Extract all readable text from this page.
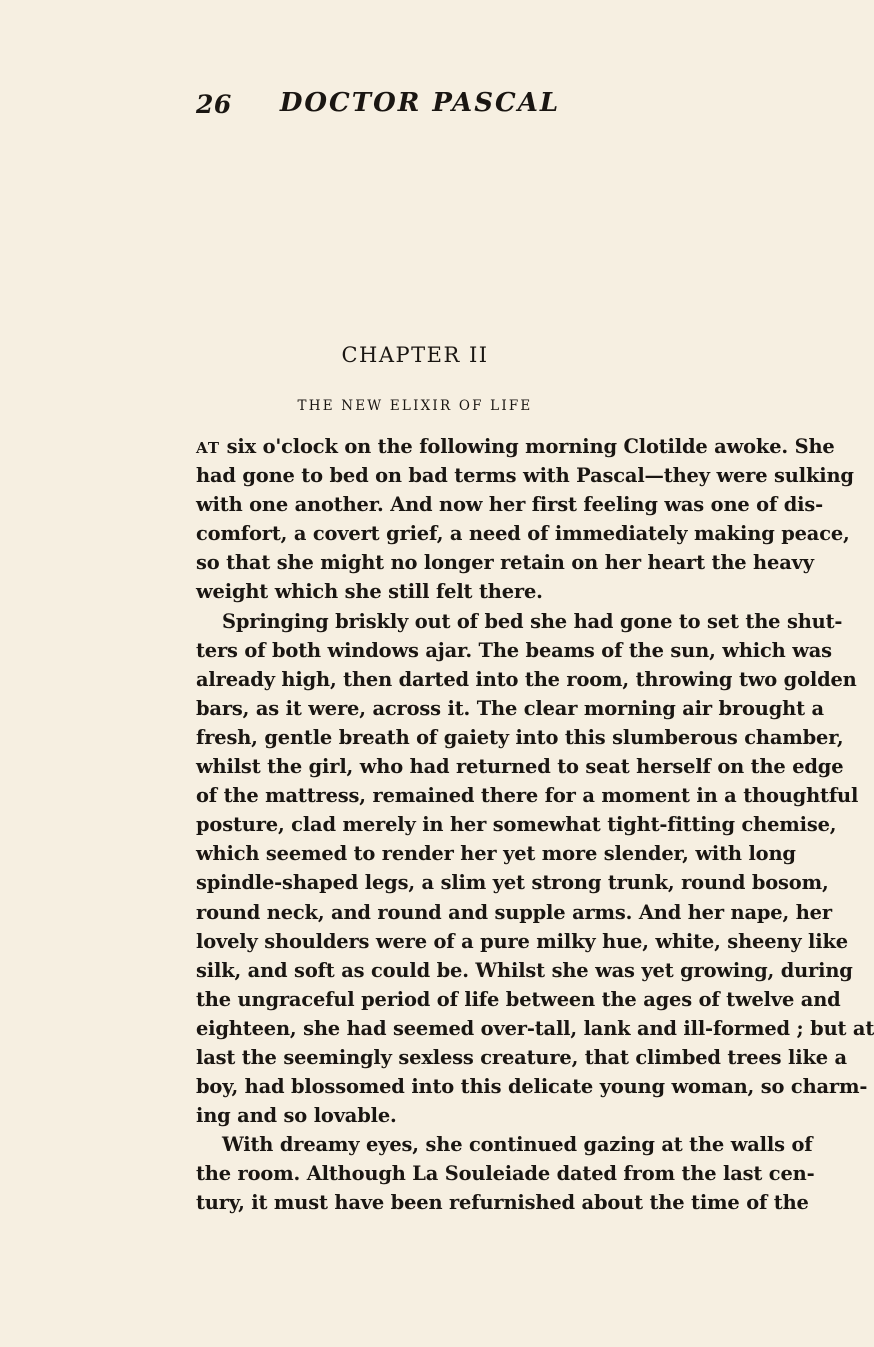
26	DOCTOR PASCAL
CHAPTER II
THE NEW ELIXIR OF LIFE
AT six o'clock on the following morning Clotilde awoke. She
had gone to bed on bad terms with Pascal—they were sulking
with one another. And now her first feeling was one of dis-
comfort, a covert grief, a need of immediately making peace,
so that she might no longer retain on her heart the heavy
weight which she still felt there.
Springing briskly out of bed she had gone to set the shut-
ters of both windows ajar. The beams of the sun, which was
already high, then darted into the room, throwing two golden
bars, as it were, across it. The clear morning air brought a
fresh, gentle breath of gaiety into this slumberous chamber,
whilst the girl, who had returned to seat herself on the edge
of the mattress, remained there for a moment in a thoughtful
posture, clad merely in her somewhat tight-fitting chemise,
which seemed to render her yet more slender, with long
spindle-shaped legs, a slim yet strong trunk, round bosom,
round neck, and round and supple arms. And her nape, her
lovely shoulders were of a pure milky hue, white, sheeny like
silk, and soft as could be. Whilst she was yet growing, during
the ungraceful period of life between the ages of twelve and
eighteen, she had seemed over-tall, lank and ill-formed ; but at
last the seemingly sexless creature, that climbed trees like a
boy, had blossomed into this delicate young woman, so charm-
ing and so lovable.
With dreamy eyes, she continued gazing at the walls of
the room. Although La Souleiade dated from the last cen-
tury, it must have been refurnished about the time of the
